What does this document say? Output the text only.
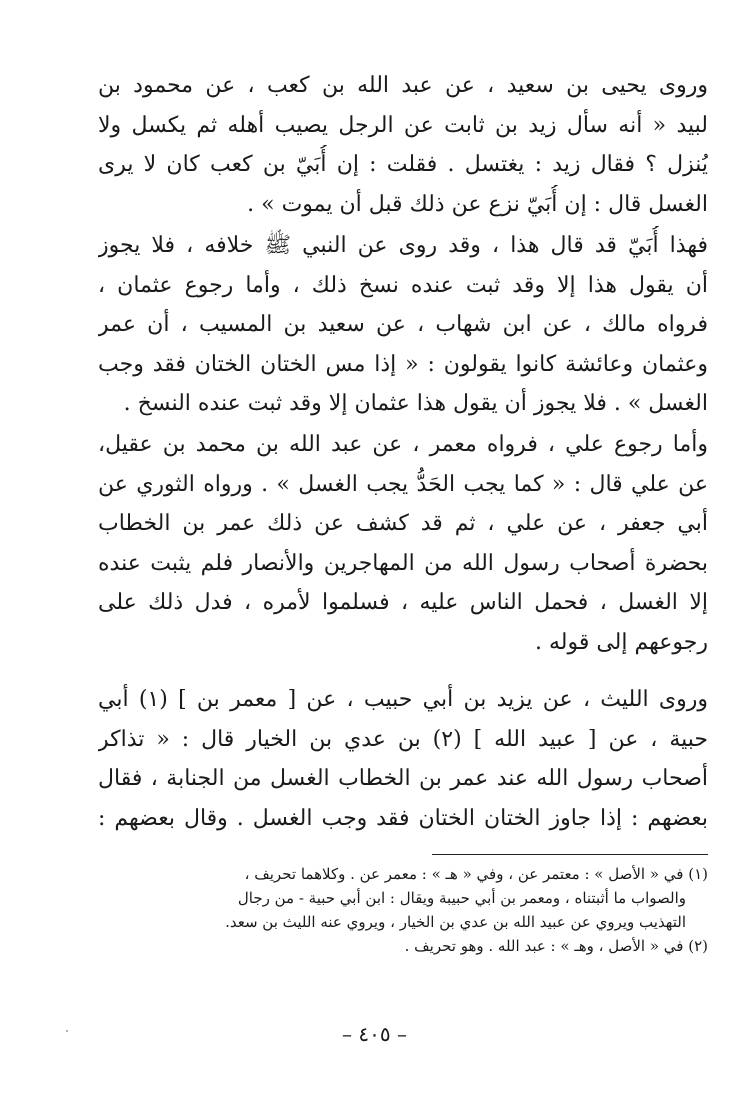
وروى يحيى بن سعيد ، عن عبد الله بن كعب ، عن محمود بن
لبيد « أنه سأل زيد بن ثابت عن الرجل يصيب أهله ثم يكسل ولا
يُنزل ؟ فقال زيد : يغتسل . فقلت : إن أُبَيّ بن كعب كان لا يرى
الغسل قال : إن أُبَيّ نزع عن ذلك قبل أن يموت » .
فهذا أُبَيّ قد قال هذا ، وقد روى عن النبي ﷺ خلافه ، فلا يجوز
أن يقول هذا إلا وقد ثبت عنده نسخ ذلك ، وأما رجوع عثمان ،
فرواه مالك ، عن ابن شهاب ، عن سعيد بن المسيب ، أن عمر
وعثمان وعائشة كانوا يقولون : « إذا مس الختان الختان فقد وجب
الغسل » . فلا يجوز أن يقول هذا عثمان إلا وقد ثبت عنده النسخ .
وأما رجوع علي ، فرواه معمر ، عن عبد الله بن محمد بن عقيل،
عن علي قال : « كما يجب الحَدُّ يجب الغسل » . ورواه الثوري عن
أبي جعفر ، عن علي ، ثم قد كشف عن ذلك عمر بن الخطاب
بحضرة أصحاب رسول الله من المهاجرين والأنصار فلم يثبت عنده
إلا الغسل ، فحمل الناس عليه ، فسلموا لأمره ، فدل ذلك على
رجوعهم إلى قوله .
وروى الليث ، عن يزيد بن أبي حبيب ، عن [ معمر بن ] (١) أبي
حبية ، عن [ عبيد الله ] (٢) بن عدي بن الخيار قال : « تذاكر
أصحاب رسول الله عند عمر بن الخطاب الغسل من الجنابة ، فقال
بعضهم : إذا جاوز الختان الختان فقد وجب الغسل . وقال بعضهم :
(١) في « الأصل » : معتمر عن ، وفي « هـ » : معمر عن . وكلاهما تحريف ،
والصواب ما أثبتناه ، ومعمر بن أبي حبيبة ويقال : ابن أبي حبية - من رجال
التهذيب ويروي عن عبيد الله بن عدي بن الخيار ، ويروي عنه الليث بن سعد.
(٢) في « الأصل ، وهـ » : عبد الله . وهو تحريف .
– ٤٠٥ –
